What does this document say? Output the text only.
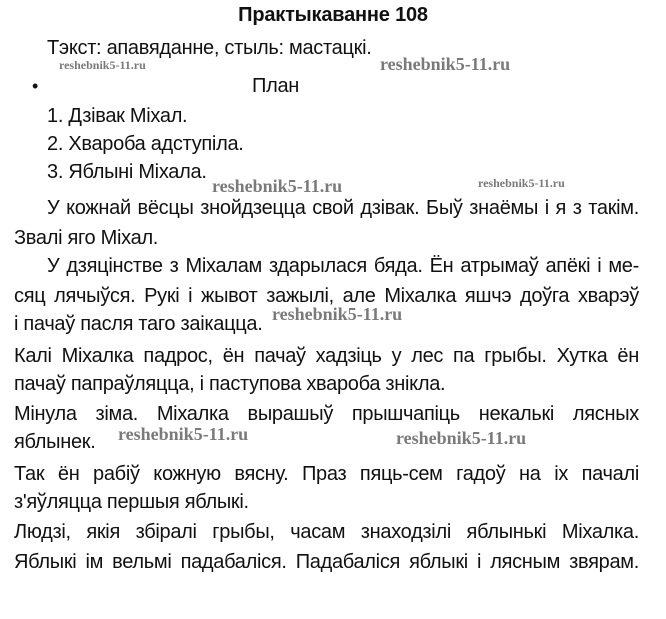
Практыкаванне 108
Тэкст: апавяданне, стыль: мастацкі.
•	План
1. Дзівак Міхал.
2. Хвароба адступіла.
3. Яблыні Міхала.
У кожнай вёсцы знойдзецца свой дзівак. Быў знаёмы і я з такім.
Звалі яго Міхал.
У дзяцінстве з Міхалам здарылася бяда. Ён атрымаў апёкі і ме-
сяц лячыўся. Рукі і жывот зажылі, але Міхалка яшчэ доўга хварэў
і пачаў пасля таго заікацца.
Калі Міхалка падрос, ён пачаў хадзіць у лес па грыбы. Хутка ён
пачаў папраўляцца, і паступова хвароба знікла.
Мінула зіма. Міхалка вырашыў прышчапіць некалькі лясных
яблынек.
Так ён рабіў кожную вясну. Праз пяць-сем гадоў на іх пачалі
з'яўляцца першыя яблыкі.
Людзі, якія збіралі грыбы, часам знаходзілі яблынькі Міхалка.
Яблыкі ім вельмі падабаліся. Падабаліся яблыкі і лясным звярам.
reshebnik5-11.ru	reshebnik5-11.ru
reshebnik5-11.ru	reshebnik5-11.ru
reshebnik5-11.ru
reshebnik5-11.ru	reshebnik5-11.ru
